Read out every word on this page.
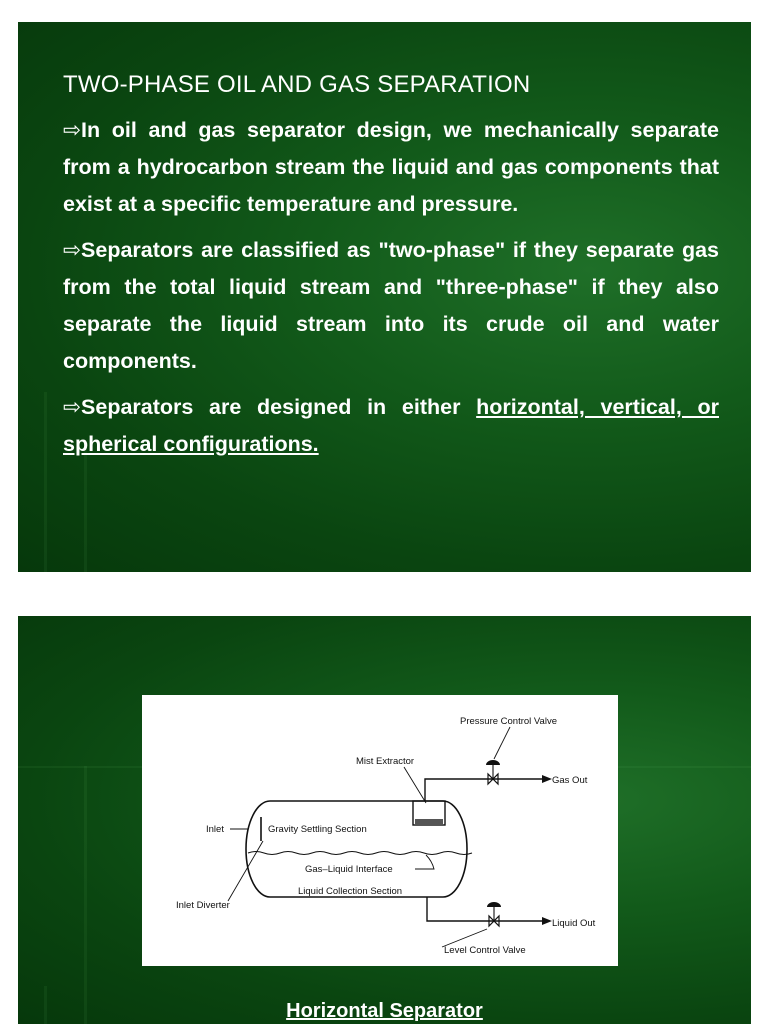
TWO-PHASE OIL AND GAS SEPARATION

⇨In oil and gas separator design, we mechanically separate from a hydrocarbon stream the liquid and gas components that exist at a specific temperature and pressure.

⇨Separators are classified as "two-phase" if they separate gas from the total liquid stream and "three-phase" if they also separate the liquid stream into its crude oil and water components.

⇨Separators are designed in either horizontal, vertical, or spherical configurations.

Pressure Control Valve
Mist Extractor
Gas Out
Inlet	Gravity Settling Section
Gas–Liquid Interface
Liquid Collection Section
Inlet Diverter
Liquid Out
Level Control Valve

Horizontal Separator
